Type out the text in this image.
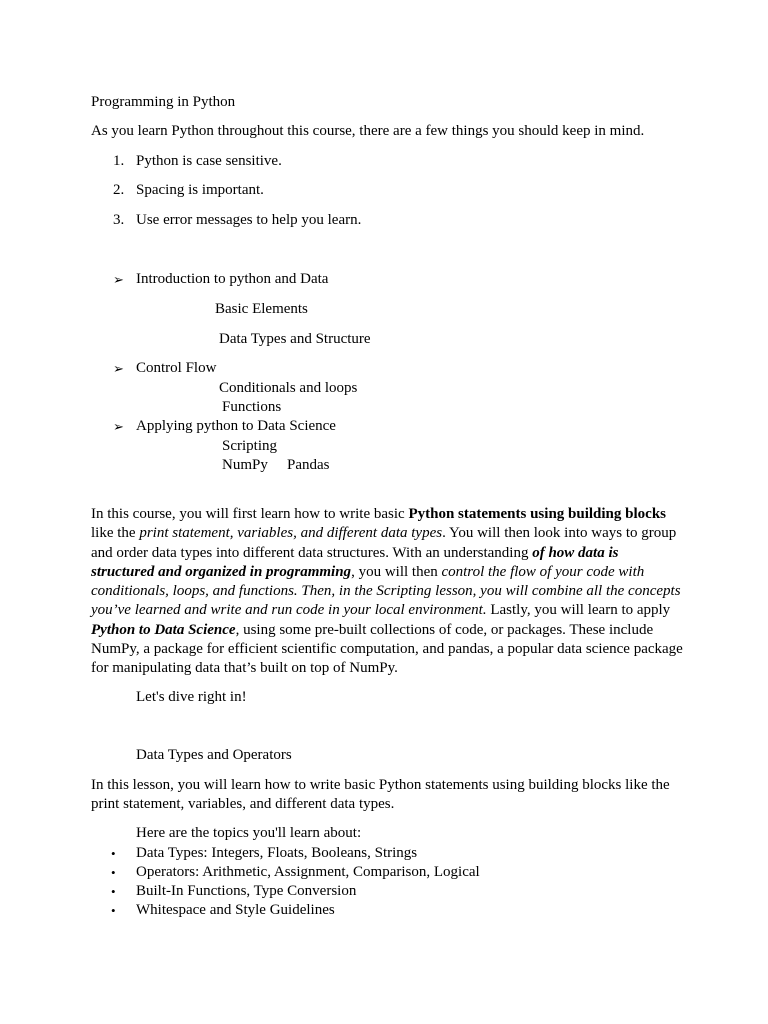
Programming in Python
As you learn Python throughout this course, there are a few things you should keep in mind.
1. Python is case sensitive.
2. Spacing is important.
3. Use error messages to help you learn.
➢ Introduction to python and Data
Basic Elements
Data Types and Structure
➢ Control Flow
Conditionals and loops
Functions
➢ Applying python to Data Science
Scripting
NumPy Pandas
In this course, you will first learn how to write basic Python statements using building blocks like the print statement, variables, and different data types. You will then look into ways to group and order data types into different data structures. With an understanding of how data is structured and organized in programming, you will then control the flow of your code with conditionals, loops, and functions. Then, in the Scripting lesson, you will combine all the concepts you’ve learned and write and run code in your local environment. Lastly, you will learn to apply Python to Data Science, using some pre-built collections of code, or packages. These include NumPy, a package for efficient scientific computation, and pandas, a popular data science package for manipulating data that’s built on top of NumPy.
Let's dive right in!
Data Types and Operators
In this lesson, you will learn how to write basic Python statements using building blocks like the print statement, variables, and different data types.
Here are the topics you'll learn about:
• Data Types: Integers, Floats, Booleans, Strings
• Operators: Arithmetic, Assignment, Comparison, Logical
• Built-In Functions, Type Conversion
• Whitespace and Style Guidelines
